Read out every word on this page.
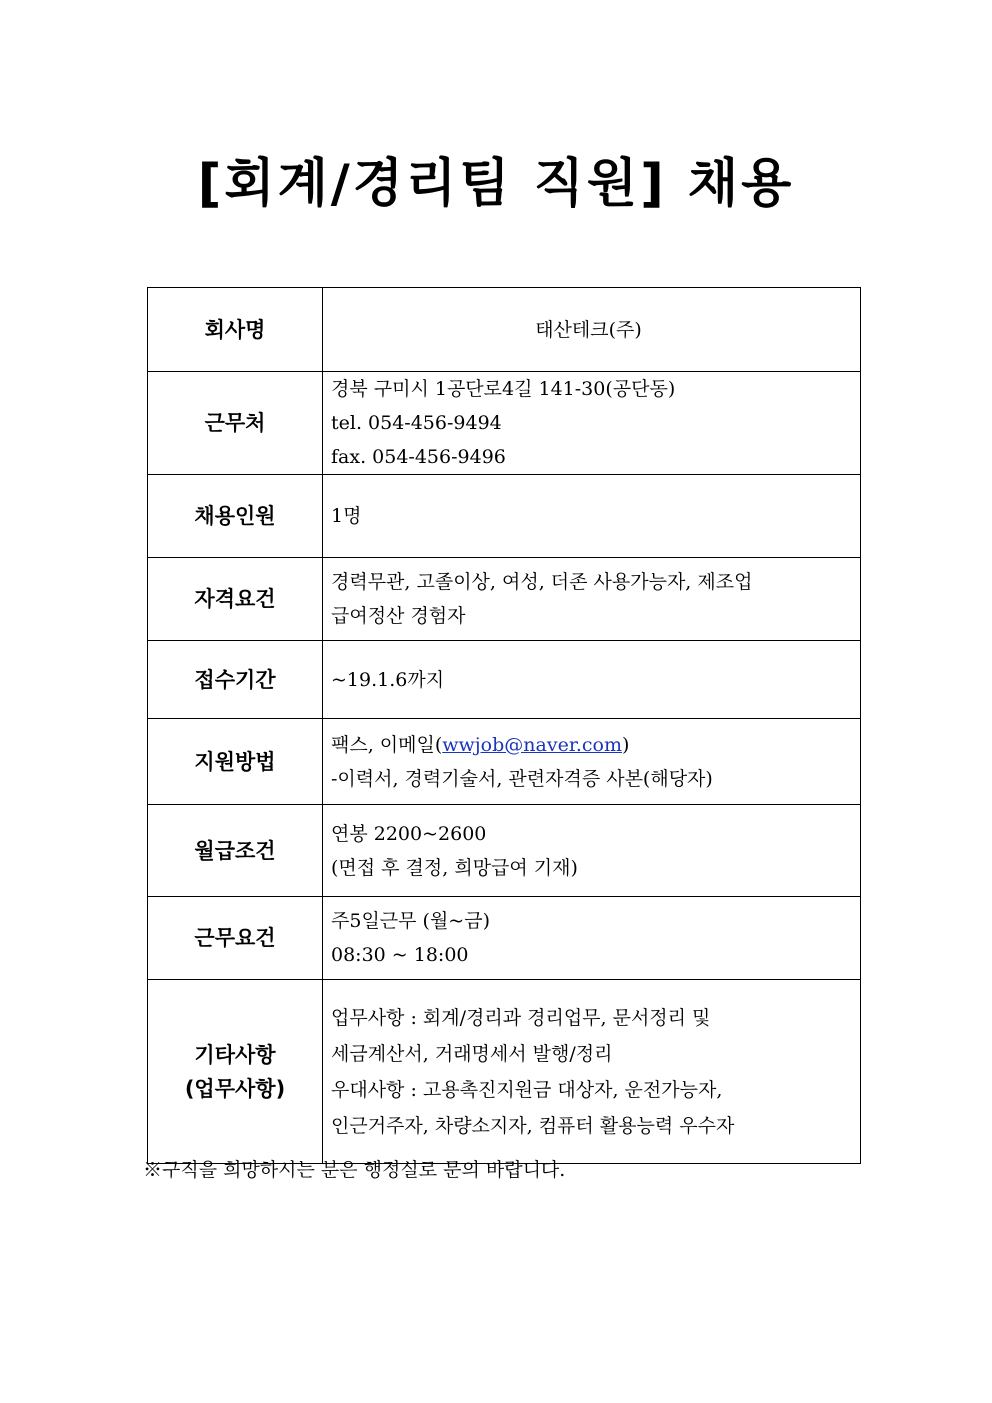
[회계/경리팀 직원] 채용
회사명	태산테크(주)
근무처	경북 구미시 1공단로4길 141-30(공단동)
tel. 054-456-9494
fax. 054-456-9496

채용인원	1명
자격요건	경력무관, 고졸이상, 여성, 더존 사용가능자, 제조업
급여정산 경험자

접수기간	~19.1.6까지
지원방법	팩스, 이메일(wwjob@naver.com)
-이력서, 경력기술서, 관련자격증 사본(해당자)

월급조건	연봉 2200~2600
(면접 후 결정, 희망급여 기재)

근무요건	주5일근무 (월~금)
08:30 ~ 18:00

기타사항
(업무사항)	업무사항 : 회계/경리과 경리업무, 문서정리 및
세금계산서, 거래명세서 발행/정리
우대사항 : 고용촉진지원금 대상자, 운전가능자,
인근거주자, 차량소지자, 컴퓨터 활용능력 우수자
※구직을 희망하시는 분은 행정실로 문의 바랍니다.
